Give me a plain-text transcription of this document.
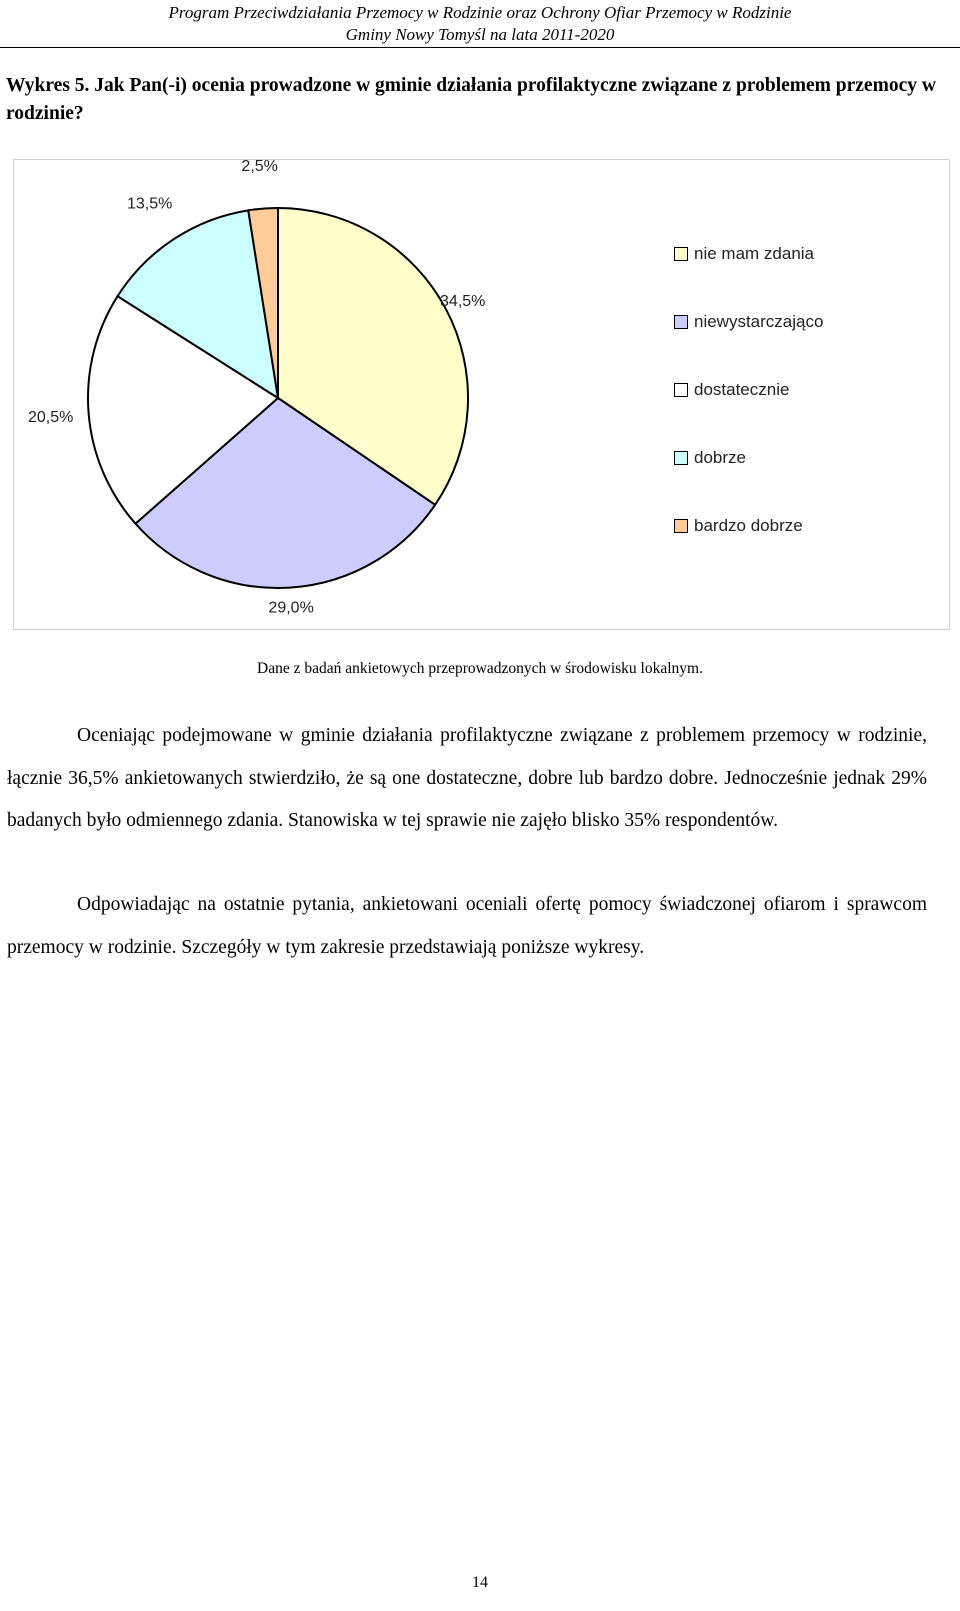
Program Przeciwdziałania Przemocy w Rodzinie oraz Ochrony Ofiar Przemocy w Rodzinie
Gminy Nowy Tomyśl na lata 2011-2020
Wykres 5. Jak Pan(-i) ocenia prowadzone w gminie działania profilaktyczne związane z problemem przemocy w rodzinie?
34,5%
29,0%
20,5%
13,5%
2,5%
nie mam zdania
niewystarczająco
dostatecznie
dobrze
bardzo dobrze
Dane z badań ankietowych przeprowadzonych w środowisku lokalnym.
Oceniając podejmowane w gminie działania profilaktyczne związane z problemem przemocy w rodzinie, łącznie 36,5% ankietowanych stwierdziło, że są one dostateczne, dobre lub bardzo dobre. Jednocześnie jednak 29% badanych było odmiennego zdania. Stanowiska w tej sprawie nie zajęło blisko 35% respondentów.
Odpowiadając na ostatnie pytania, ankietowani oceniali ofertę pomocy świadczonej ofiarom i sprawcom przemocy w rodzinie. Szczegóły w tym zakresie przedstawiają poniższe wykresy.
14
